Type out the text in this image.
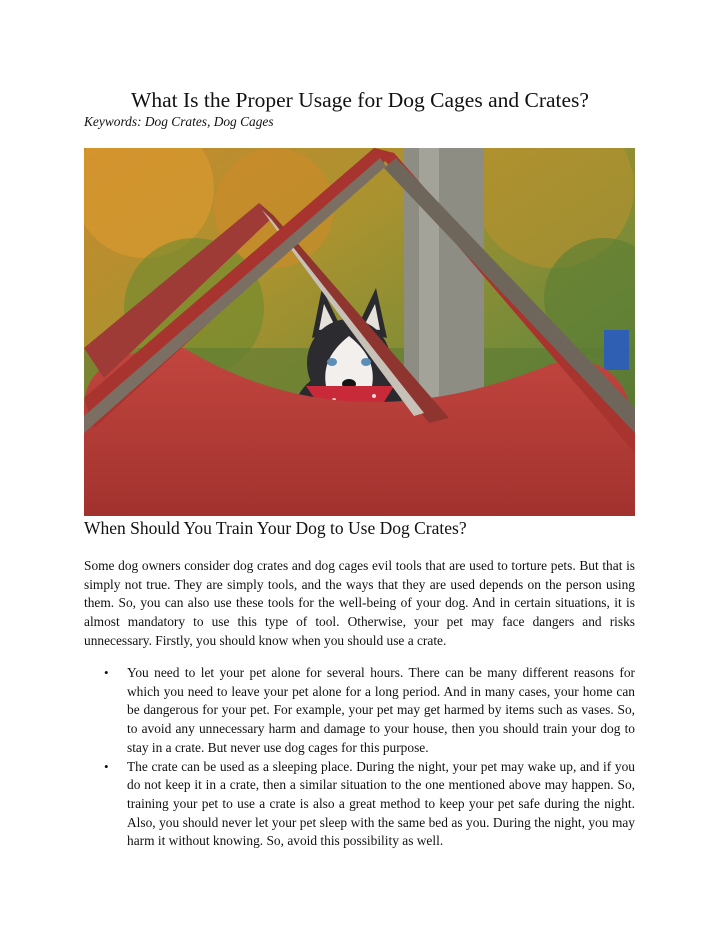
What Is the Proper Usage for Dog Cages and Crates?

Keywords: Dog Crates, Dog Cages

When Should You Train Your Dog to Use Dog Crates?

Some dog owners consider dog crates and dog cages evil tools that are used to torture pets. But that is simply not true. They are simply tools, and the ways that they are used depends on the person using them. So, you can also use these tools for the well-being of your dog. And in certain situations, it is almost mandatory to use this type of tool. Otherwise, your pet may face dangers and risks unnecessary. Firstly, you should know when you should use a crate.

• You need to let your pet alone for several hours. There can be many different reasons for which you need to leave your pet alone for a long period. And in many cases, your home can be dangerous for your pet. For example, your pet may get harmed by items such as vases. So, to avoid any unnecessary harm and damage to your house, then you should train your dog to stay in a crate. But never use dog cages for this purpose.
• The crate can be used as a sleeping place. During the night, your pet may wake up, and if you do not keep it in a crate, then a similar situation to the one mentioned above may happen. So, training your pet to use a crate is also a great method to keep your pet safe during the night. Also, you should never let your pet sleep with the same bed as you. During the night, you may harm it without knowing. So, avoid this possibility as well.
